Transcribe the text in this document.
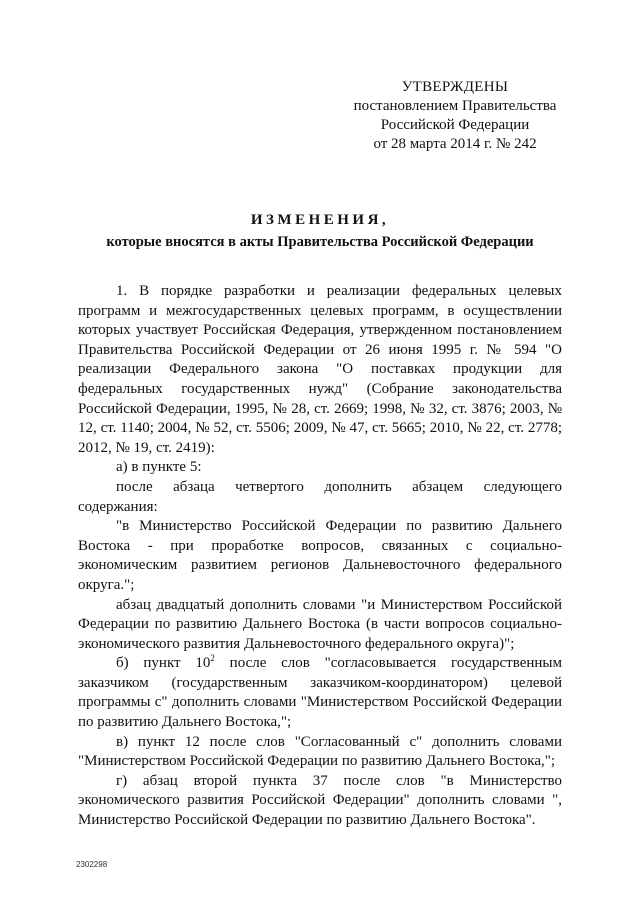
УТВЕРЖДЕНЫ
постановлением Правительства
Российской Федерации
от 28 марта 2014 г. № 242
ИЗМЕНЕНИЯ,
которые вносятся в акты Правительства Российской Федерации

1. В порядке разработки и реализации федеральных целевых программ и межгосударственных целевых программ, в осуществлении которых участвует Российская Федерация, утвержденном постановлением Правительства Российской Федерации от 26 июня 1995 г. № 594 "О реализации Федерального закона "О поставках продукции для федеральных государственных нужд" (Собрание законодательства Российской Федерации, 1995, № 28, ст. 2669; 1998, № 32, ст. 3876; 2003, № 12, ст. 1140; 2004, № 52, ст. 5506; 2009, № 47, ст. 5665; 2010, № 22, ст. 2778; 2012, № 19, ст. 2419):

а) в пункте 5:

после абзаца четвертого дополнить абзацем следующего содержания:

"в Министерство Российской Федерации по развитию Дальнего Востока - при проработке вопросов, связанных с социально-экономическим развитием регионов Дальневосточного федерального округа.";

абзац двадцатый дополнить словами "и Министерством Российской Федерации по развитию Дальнего Востока (в части вопросов социально-экономического развития Дальневосточного федерального округа)";

б) пункт $10^2$ после слов "согласовывается государственным заказчиком (государственным заказчиком-координатором) целевой программы с" дополнить словами "Министерством Российской Федерации по развитию Дальнего Востока,";

в) пункт 12 после слов "Согласованный с" дополнить словами "Министерством Российской Федерации по развитию Дальнего Востока,";

г) абзац второй пункта 37 после слов "в Министерство экономического развития Российской Федерации" дополнить словами ", Министерство Российской Федерации по развитию Дальнего Востока".

2302298
